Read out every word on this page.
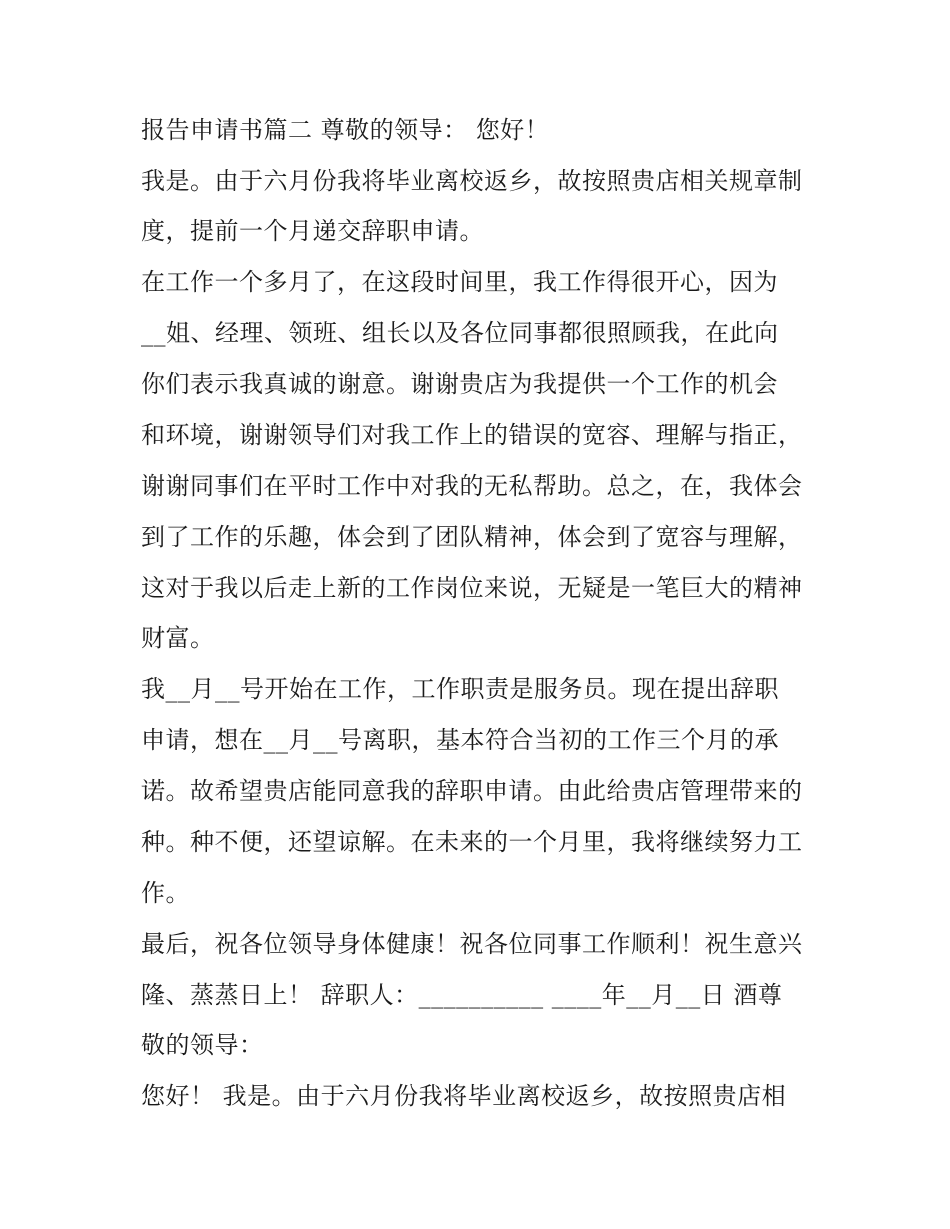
报告申请书篇二 尊敬的领导： 您好！
我是。由于六月份我将毕业离校返乡，故按照贵店相关规章制
度，提前一个月递交辞职申请。
在工作一个多月了，在这段时间里，我工作得很开心，因为
__姐、经理、领班、组长以及各位同事都很照顾我，在此向
你们表示我真诚的谢意。谢谢贵店为我提供一个工作的机会
和环境，谢谢领导们对我工作上的错误的宽容、理解与指正，
谢谢同事们在平时工作中对我的无私帮助。总之，在，我体会
到了工作的乐趣，体会到了团队精神，体会到了宽容与理解，
这对于我以后走上新的工作岗位来说，无疑是一笔巨大的精神
财富。
我__月__号开始在工作，工作职责是服务员。现在提出辞职
申请，想在__月__号离职，基本符合当初的工作三个月的承
诺。故希望贵店能同意我的辞职申请。由此给贵店管理带来的
种。种不便，还望谅解。在未来的一个月里，我将继续努力工
作。
最后，祝各位领导身体健康！祝各位同事工作顺利！祝生意兴
隆、蒸蒸日上！ 辞职人：__________ ____年__月__日 酒尊
敬的领导：
您好！ 我是。由于六月份我将毕业离校返乡，故按照贵店相
